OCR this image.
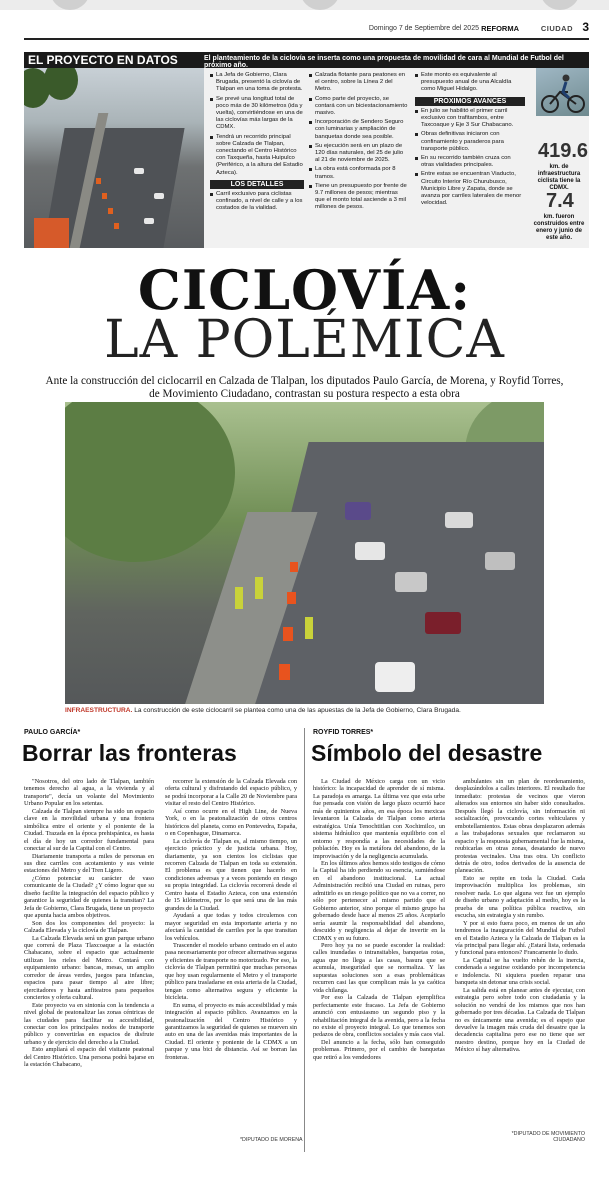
Domingo 7 de Septiembre del 2025 REFORMA	CIUDAD 3
EL PROYECTO EN DATOS	El planteamiento de la ciclovía se inserta como una propuesta de movilidad de cara al Mundial de Futbol del próximo año.

La Jefa de Gobierno, Clara Brugada, presentó la ciclovía de Tlalpan en una toma de protesta.

Se prevé una longitud total de poco más de 30 kilómetros (ida y vuelta), convirtiéndose en una de las ciclovías más largas de la CDMX.

Tendrá un recorrido principal sobre Calzada de Tlalpan, conectando el Centro Histórico con Taxqueña, hasta Huipulco (Periférico, a la altura del Estadio Azteca).

LOS DETALLES

Carril exclusivo para ciclistas confinado, a nivel de calle y a los costados de la vialidad.

Calzada flotante para peatones en el centro, sobre la Línea 2 del Metro.

Como parte del proyecto, se contará con un biciestacionamiento masivo.

Incorporación de Sendero Seguro con luminarias y ampliación de banquetas donde sea posible.

Su ejecución será en un plazo de 120 días naturales, del 25 de julio al 21 de noviembre de 2025.

La obra está conformada por 8 tramos.

Tiene un presupuesto por frente de 9.7 millones de pesos; mientras que el monto total asciende a 3 mil millones de pesos.

Este monto es equivalente al presupuesto anual de una Alcaldía como Miguel Hidalgo.

PROXIMOS AVANCES

En julio se habilitó el primer carril exclusivo con trafitambos, entre Taxcoaque y Eje 3 Sur Chabacano.

Obras definitivas iniciaron con confinamiento y paraderos para transporte público.

En su recorrido también cruza con otras vialidades principales.

Entre estas se encuentran Viaducto, Circuito Interior Río Churubusco, Municipio Libre y Zapata, donde se avanza por carriles laterales de menor velocidad.

419.6
km. de infraestructura ciclista tiene la CDMX.
7.4
km. fueron construidos entre enero y junio de este año.
CICLOVÍA:
LA POLÉMICA
Ante la construcción del ciclocarril en Calzada de Tlalpan, los diputados Paulo García, de Morena, y Royfid Torres, de Movimiento Ciudadano, contrastan su postura respecto a esta obra
INFRAESTRUCTURA. La construcción de este ciclocarril se plantea como una de las apuestas de la Jefa de Gobierno, Clara Brugada.
PAULO GARCÍA*
Borrar las fronteras

"Nosotros, del otro lado de Tlalpan, también tenemos derecho al agua, a la vivienda y al transporte", decía un volante del Movimiento Urbano Popular en los setentas.

Calzada de Tlalpan siempre ha sido un espacio clave en la movilidad urbana y una frontera simbólica entre el oriente y el poniente de la Ciudad. Trazada en la época prehispánica, es hasta el día de hoy un corredor fundamental para conectar al sur de la Capital con el Centro.

Diariamente transporta a miles de personas en sus diez carriles con acotamiento y sus veinte estaciones del Metro y del Tren Ligero.

¿Cómo potenciar su carácter de vaso comunicante de la Ciudad? ¿Y cómo lograr que su diseño facilite la integración del espacio público y garantice la seguridad de quienes la transitan? La Jefa de Gobierno, Clara Brugada, tiene un proyecto que apunta hacia ambos objetivos.

Son dos los componentes del proyecto: la Calzada Elevada y la ciclovía de Tlalpan.

La Calzada Elevada será un gran parque urbano que correrá de Plaza Tlaxcoaque a la estación Chabacano, sobre el espacio que actualmente utilizan los rieles del Metro. Contará con equipamiento urbano: bancas, mesas, un amplio corredor de áreas verdes, juegos para infancias, espacios para pasar tiempo al aire libre; ejercitadores y hasta anfiteatros para pequeños conciertos y oferta cultural.

Este proyecto va en sintonía con la tendencia a nivel global de peatonalizar las zonas céntricas de las ciudades para facilitar su accesibilidad, conectar con los principales nodos de transporte público y convertirlas en espacios de disfrute urbano y de ejercicio del derecho a la Ciudad.

Esto ampliará el espacio del visitante peatonal del Centro Histórico. Una persona podrá bajarse en la estación Chabacano,

recorrer la extensión de la Calzada Elevada con oferta cultural y disfrutando del espacio público, y se podrá incorporar a la Calle 20 de Noviembre para visitar el resto del Centro Histórico.

Así como ocurre en el High Line, de Nueva York, o en la peatonalización de otros centros históricos del planeta, como en Pontevedra, España, o en Copenhague, Dinamarca.

La ciclovía de Tlalpan es, al mismo tiempo, un ejercicio práctico y de justicia urbana. Hoy, diariamente, ya son cientos los ciclistas que recorren Calzada de Tlalpan en toda su extensión. El problema es que tienen que hacerlo en condiciones adversas y a veces poniendo en riesgo su propia integridad. La ciclovía recorrerá desde el Centro hasta el Estadio Azteca, con una extensión de 15 kilómetros, por lo que será una de las más grandes de la Ciudad.

Ayudará a que todas y todos circulemos con mayor seguridad en esta importante arteria y no afectará la cantidad de carriles por la que transitan los vehículos.

Trascender el modelo urbano centrado en el auto pasa necesariamente por ofrecer alternativas seguras y eficientes de transporte no motorizado. Por eso, la ciclovía de Tlalpan permitirá que muchas personas que hoy usan regularmente el Metro y el transporte público para trasladarse en esta arteria de la Ciudad, tengan como alternativa segura y eficiente la bicicleta.

En suma, el proyecto es más accesibilidad y más integración al espacio público. Avanzamos en la peatonalización del Centro Histórico y garantizamos la seguridad de quienes se mueven sin auto en una de las avenidas más importantes de la Ciudad. El oriente y poniente de la CDMX a un parque y una bici de distancia. Así se borran las fronteras.

*DIPUTADO DE MORENA
ROYFID TORRES*
Símbolo del desastre

La Ciudad de México carga con un vicio histórico: la incapacidad de aprender de sí misma. La paradoja es amarga. La última vez que esta urbe fue pensada con visión de largo plazo ocurrió hace más de quinientos años, en esa época los mexicas levantaron la Calzada de Tlalpan como arteria estratégica. Unía Tenochtitlan con Xochimilco, un sistema hidráulico que mantenía equilibrio con el entorno y respondía a las necesidades de la población. Hoy es la metáfora del abandono, de la improvisación y de la negligencia acumulada.

En los últimos años hemos sido testigos de cómo la Capital ha ido perdiendo su esencia, sumiéndose en el abandono institucional. La actual Administración recibió una Ciudad en ruinas, pero admitirlo es un riesgo político que no va a correr, no sólo por pertenecer al mismo partido que el Gobierno anterior, sino porque el mismo grupo ha gobernado desde hace al menos 25 años. Aceptarlo sería asumir la responsabilidad del abandono, descuido y negligencia al dejar de invertir en la CDMX y en su futuro.

Pero hoy ya no se puede esconder la realidad: calles inundadas o intransitables, banquetas rotas, agua que no llega a las casas, basura que se acumula, inseguridad que se normaliza. Y las supuestas soluciones son a esas problemáticas recurren casi las que complican más la ya caótica vida chilanga.

Por eso la Calzada de Tlalpan ejemplifica perfectamente este fracaso. La Jefa de Gobierno anunció con entusiasmo un segundo piso y la rehabilitación integral de la avenida, pero a la fecha no existe el proyecto integral. Lo que tenemos son pedazos de obra, conflictos sociales y más caos vial.

Del anuncio a la fecha, sólo han conseguido problemas. Primero, por el cambio de banquetas que retiró a los vendedores

ambulantes sin un plan de reordenamiento, desplazándolos a calles interiores. El resultado fue inmediato: protestas de vecinos que vieron alterados sus entornos sin haber sido consultados. Después llegó la ciclovía, sin información ni socialización, provocando cortes vehiculares y embotellamientos. Estas obras desplazaron además a las trabajadoras sexuales que reclamaron su espacio y la respuesta gubernamental fue la misma, reubicarlas en otras zonas, desatando de nuevo protestas vecinales. Una tras otra. Un conflicto detrás de otro, todos derivados de la ausencia de planeación.

Esto se repite en toda la Ciudad. Cada improvisación multiplica los problemas, sin resolver nada. Lo que alguna vez fue un ejemplo de diseño urbano y adaptación al medio, hoy es la prueba de una política pública reactiva, sin escucha, sin estrategia y sin rumbo.

Y por si esto fuera poco, en menos de un año tendremos la inauguración del Mundial de Futbol en el Estadio Azteca y la Calzada de Tlalpan es la vía principal para llegar ahí. ¿Estará lista, ordenada y funcional para entonces? Francamente lo dudo.

La Capital se ha vuelto rehén de la inercia, condenada a seguirse oxidando por incompetencia e indolencia. Ni siquiera pueden reparar una banqueta sin detonar una crisis social.

La salida está en planear antes de ejecutar, con estrategia pero sobre todo con ciudadanía y la solución no vendrá de los mismos que nos han gobernado por tres décadas. La Calzada de Tlalpan no es únicamente una avenida; es el espejo que devuelve la imagen más cruda del desastre que la decadencia capitalina pero ese no tiene que ser nuestro destino, porque hoy en la Ciudad de México sí hay alternativa.

*DIPUTADO DE MOVIMIENTO
CIUDADANO
